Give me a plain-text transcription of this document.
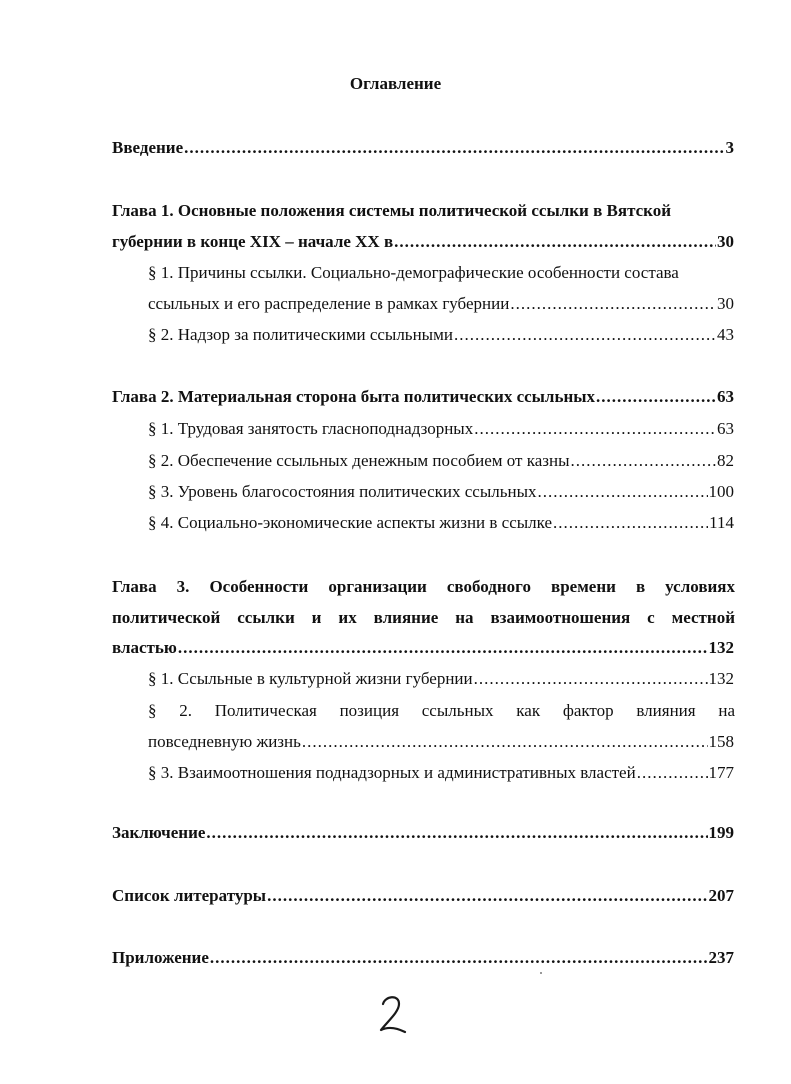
Оглавление
Введение .....	3
Глава 1. Основные положения системы политической ссылки в Вятской
губернии в конце XIX – начале XX в .....	30
§ 1. Причины ссылки. Социально-демографические особенности состава
ссыльных и его распределение в рамках губернии .....	30
§ 2. Надзор за политическими ссыльными .....	43
Глава 2. Материальная сторона быта политических ссыльных .....	63
§ 1. Трудовая занятость гласноподнадзорных .....	63
§ 2. Обеспечение ссыльных денежным пособием от казны .....	82
§ 3. Уровень благосостояния политических ссыльных .....	100
§ 4. Социально-экономические аспекты жизни в ссылке .....	114
Глава 3. Особенности организации свободного времени в условиях
политической ссылки и их влияние на взаимоотношения с местной
властью .....	132
§ 1. Ссыльные в культурной жизни губернии .....	132
§ 2. Политическая позиция ссыльных как фактор влияния на
повседневную жизнь .....	158
§ 3. Взаимоотношения поднадзорных и административных властей .....	177
Заключение .....	199
Список литературы .....	207
Приложение .....	237
